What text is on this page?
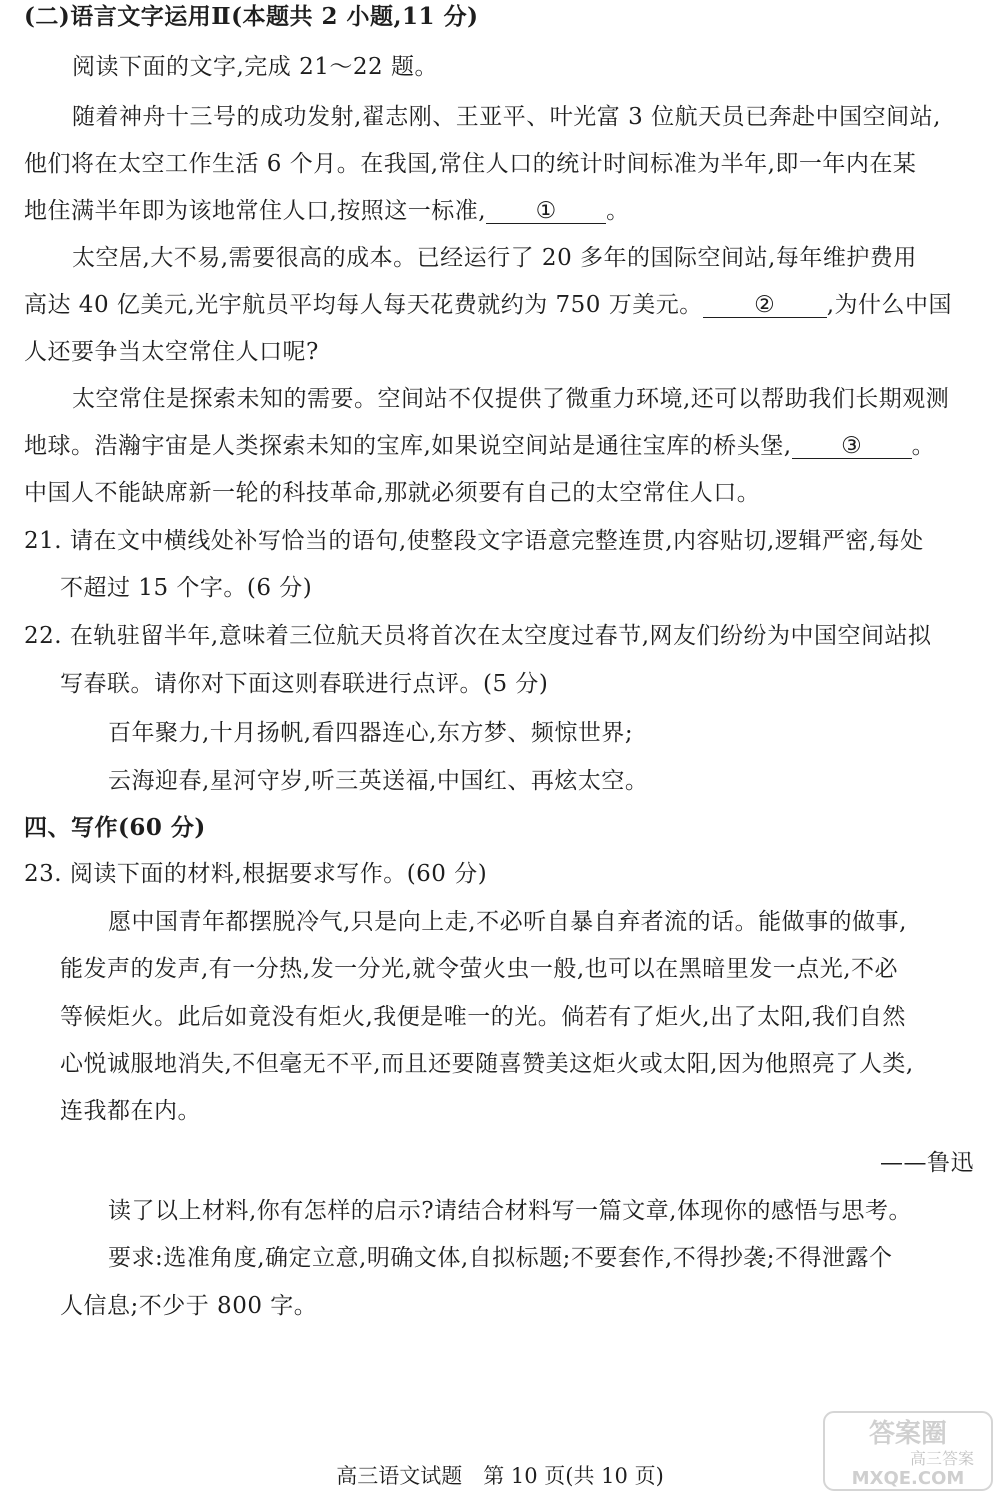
(二)语言文字运用Ⅱ(本题共 2 小题,11 分)
阅读下面的文字,完成 21～22 题。
随着神舟十三号的成功发射,翟志刚、王亚平、叶光富 3 位航天员已奔赴中国空间站,
他们将在太空工作生活 6 个月。在我国,常住人口的统计时间标准为半年,即一年内在某
地住满半年即为该地常住人口,按照这一标准, ① 。
太空居,大不易,需要很高的成本。已经运行了 20 多年的国际空间站,每年维护费用
高达 40 亿美元,光宇航员平均每人每天花费就约为 750 万美元。 ② ,为什么中国
人还要争当太空常住人口呢?
太空常住是探索未知的需要。空间站不仅提供了微重力环境,还可以帮助我们长期观测
地球。浩瀚宇宙是人类探索未知的宝库,如果说空间站是通往宝库的桥头堡, ③ 。
中国人不能缺席新一轮的科技革命,那就必须要有自己的太空常住人口。
21. 请在文中横线处补写恰当的语句,使整段文字语意完整连贯,内容贴切,逻辑严密,每处
不超过 15 个字。(6 分)
22. 在轨驻留半年,意味着三位航天员将首次在太空度过春节,网友们纷纷为中国空间站拟
写春联。请你对下面这则春联进行点评。(5 分)
百年聚力,十月扬帆,看四器连心,东方梦、频惊世界;
云海迎春,星河守岁,听三英送福,中国红、再炫太空。
四、写作(60 分)
23. 阅读下面的材料,根据要求写作。(60 分)
愿中国青年都摆脱冷气,只是向上走,不必听自暴自弃者流的话。能做事的做事,
能发声的发声,有一分热,发一分光,就令萤火虫一般,也可以在黑暗里发一点光,不必
等候炬火。此后如竟没有炬火,我便是唯一的光。倘若有了炬火,出了太阳,我们自然
心悦诚服地消失,不但毫无不平,而且还要随喜赞美这炬火或太阳,因为他照亮了人类,
连我都在内。
——鲁迅
读了以上材料,你有怎样的启示?请结合材料写一篇文章,体现你的感悟与思考。
要求:选准角度,确定立意,明确文体,自拟标题;不要套作,不得抄袭;不得泄露个
人信息;不少于 800 字。
高三语文试题　第 10 页(共 10 页)
答案圈
高三答案
MXQE.COM
